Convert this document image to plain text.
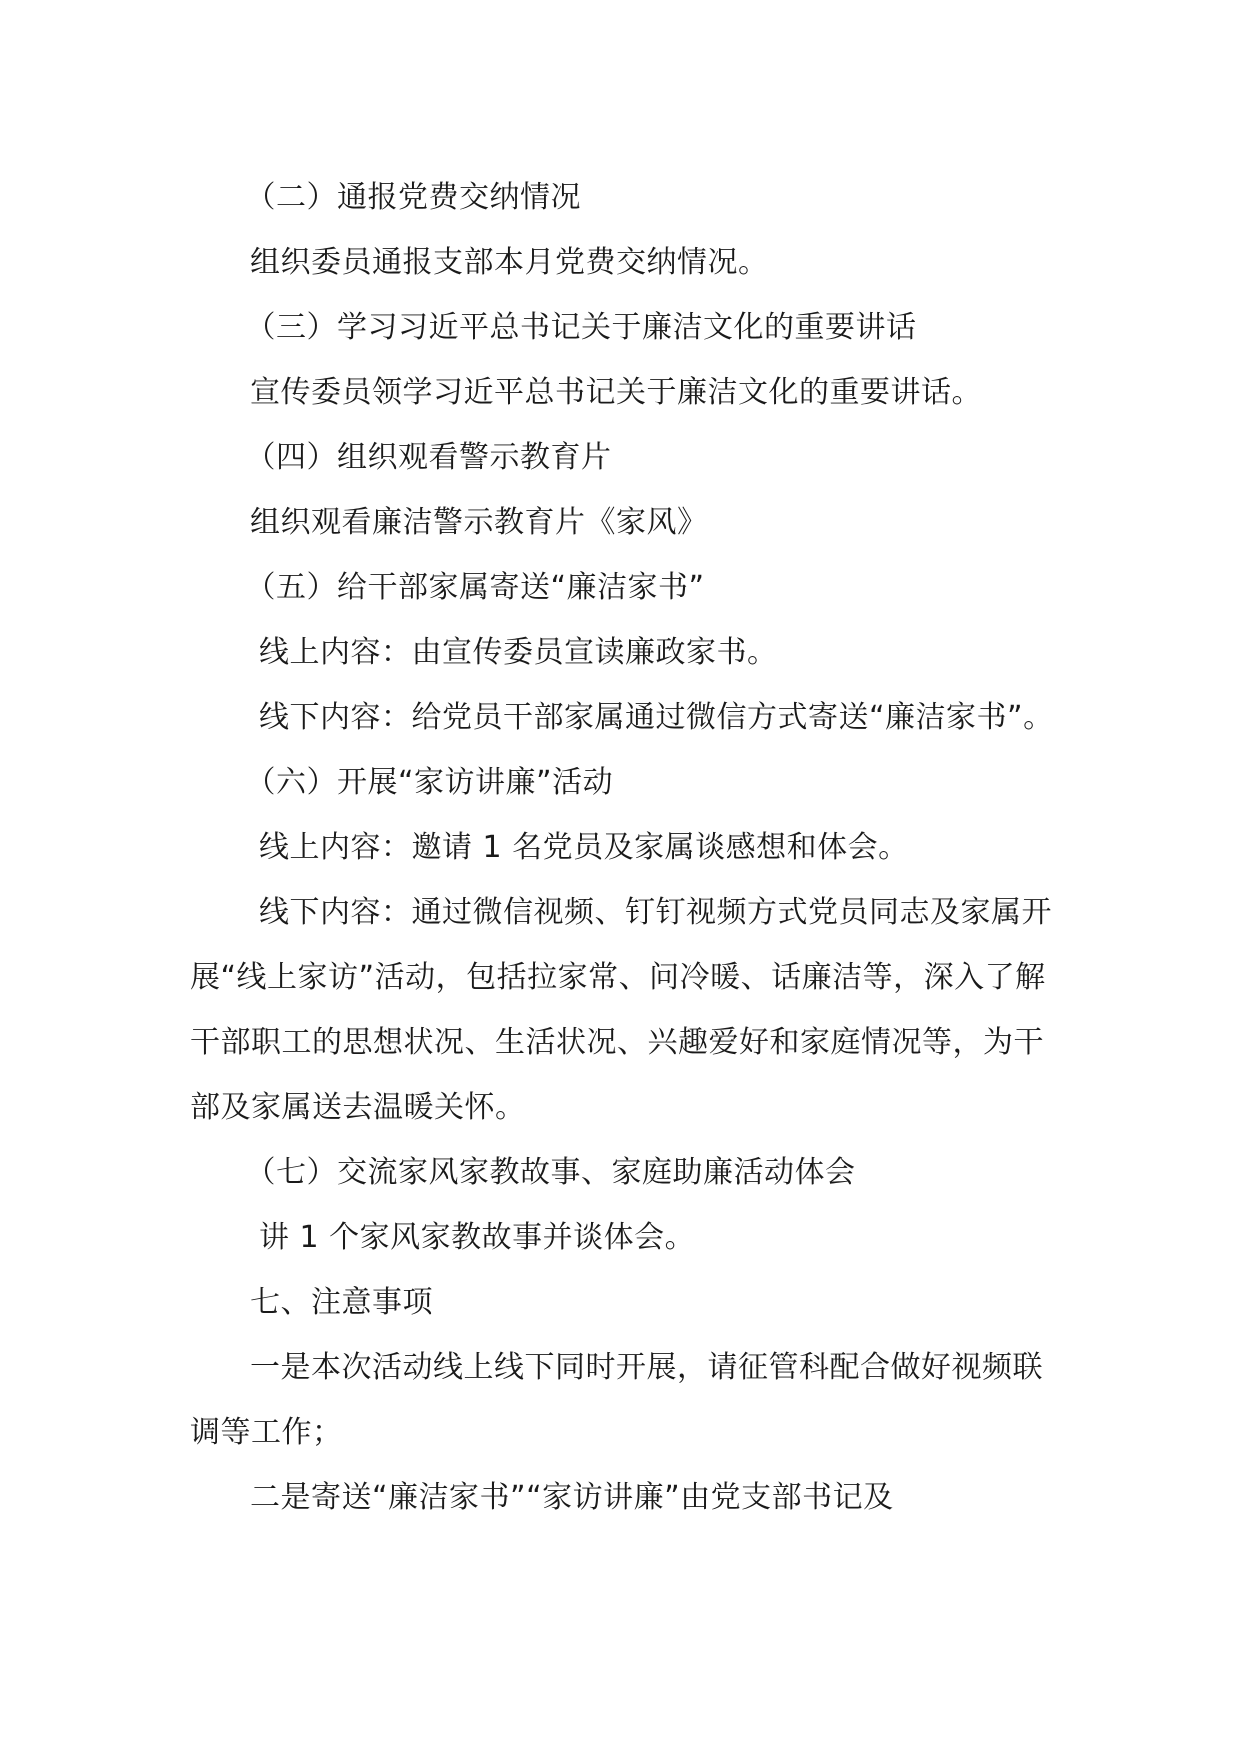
（二）通报党费交纳情况

组织委员通报支部本月党费交纳情况。

（三）学习习近平总书记关于廉洁文化的重要讲话

宣传委员领学习近平总书记关于廉洁文化的重要讲话。

（四）组织观看警示教育片

组织观看廉洁警示教育片《家风》

（五）给干部家属寄送“廉洁家书”

线上内容：由宣传委员宣读廉政家书。

线下内容：给党员干部家属通过微信方式寄送“廉洁家书”。

（六）开展“家访讲廉”活动

线上内容：邀请 1 名党员及家属谈感想和体会。

线下内容：通过微信视频、钉钉视频方式党员同志及家属开展“线上家访”活动，包括拉家常、问冷暖、话廉洁等，深入了解干部职工的思想状况、生活状况、兴趣爱好和家庭情况等，为干部及家属送去温暖关怀。

（七）交流家风家教故事、家庭助廉活动体会

讲 1 个家风家教故事并谈体会。

七、注意事项

一是本次活动线上线下同时开展，请征管科配合做好视频联调等工作；

二是寄送“廉洁家书”“家访讲廉”由党支部书记及
